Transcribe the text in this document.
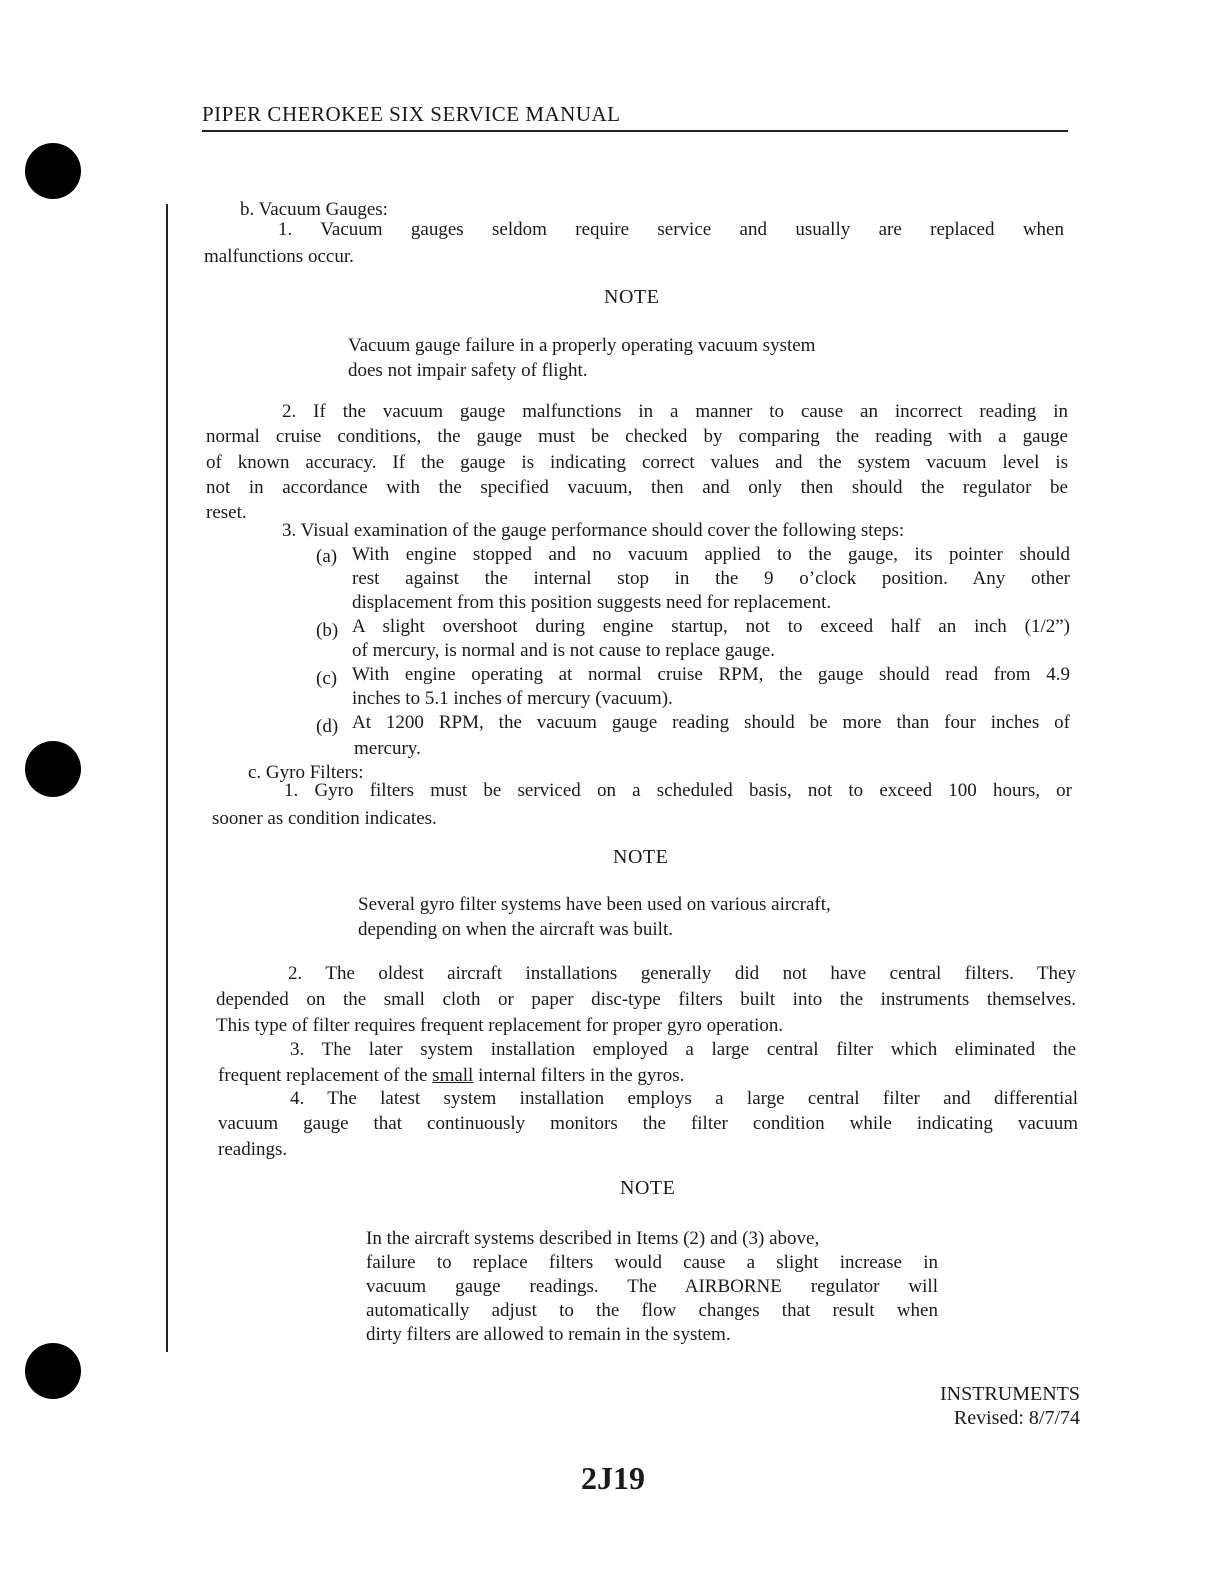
PIPER CHEROKEE SIX SERVICE MANUAL
b. Vacuum Gauges:
1. Vacuum gauges seldom require service and usually are replaced when
malfunctions occur.
NOTE
Vacuum gauge failure in a properly operating vacuum system
does not impair safety of flight.
2. If the vacuum gauge malfunctions in a manner to cause an incorrect reading in
normal cruise conditions, the gauge must be checked by comparing the reading with a gauge
of known accuracy. If the gauge is indicating correct values and the system vacuum level is
not in accordance with the specified vacuum, then and only then should the regulator be
reset.
3. Visual examination of the gauge performance should cover the following steps:
(a) With engine stopped and no vacuum applied to the gauge, its pointer should
rest against the internal stop in the 9 o’clock position. Any other
displacement from this position suggests need for replacement.
(b) A slight overshoot during engine startup, not to exceed half an inch (1/2”)
of mercury, is normal and is not cause to replace gauge.
(c) With engine operating at normal cruise RPM, the gauge should read from 4.9
inches to 5.1 inches of mercury (vacuum).
(d) At 1200 RPM, the vacuum gauge reading should be more than four inches of
mercury.
c. Gyro Filters:
1. Gyro filters must be serviced on a scheduled basis, not to exceed 100 hours, or
sooner as condition indicates.
NOTE
Several gyro filter systems have been used on various aircraft,
depending on when the aircraft was built.
2. The oldest aircraft installations generally did not have central filters. They
depended on the small cloth or paper disc-type filters built into the instruments themselves.
This type of filter requires frequent replacement for proper gyro operation.
3. The later system installation employed a large central filter which eliminated the
frequent replacement of the small internal filters in the gyros.
4. The latest system installation employs a large central filter and differential
vacuum gauge that continuously monitors the filter condition while indicating vacuum
readings.
NOTE
In the aircraft systems described in Items (2) and (3) above,
failure to replace filters would cause a slight increase in
vacuum gauge readings. The AIRBORNE regulator will
automatically adjust to the flow changes that result when
dirty filters are allowed to remain in the system.
INSTRUMENTS
Revised: 8/7/74
2J19
